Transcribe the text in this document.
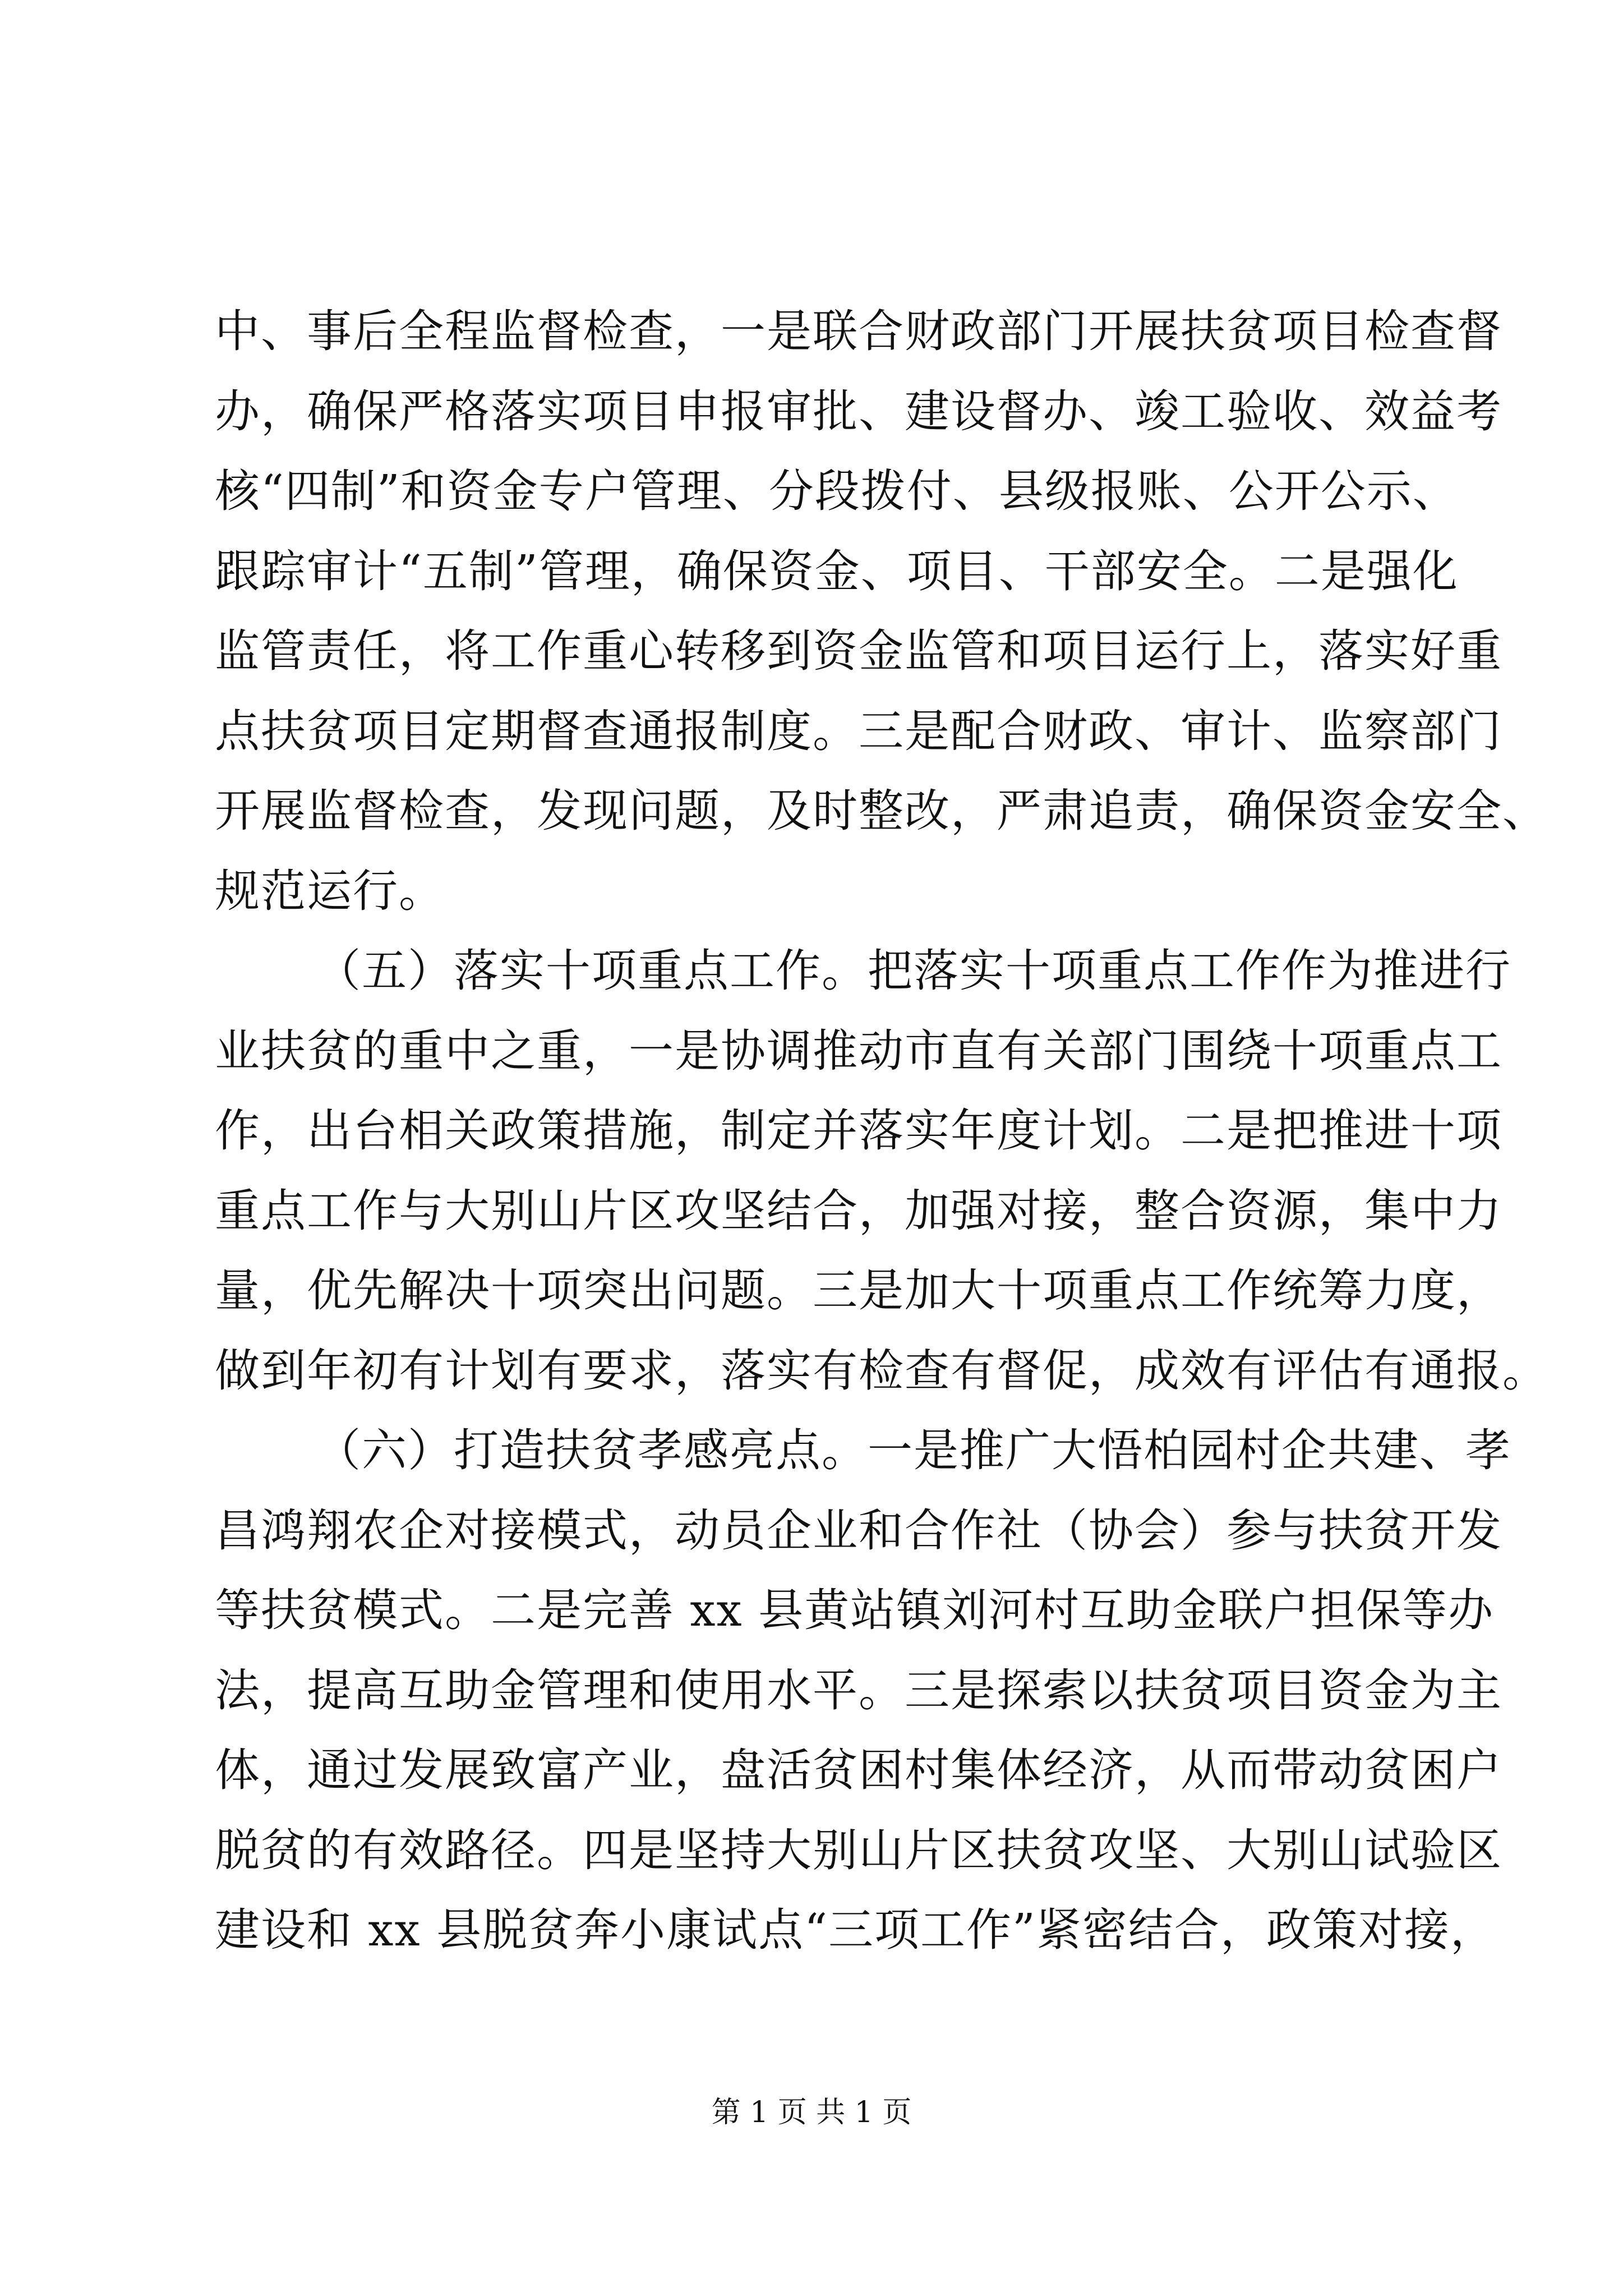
中、事后全程监督检查，一是联合财政部门开展扶贫项目检查督
办，确保严格落实项目申报审批、建设督办、竣工验收、效益考
核“四制”和资金专户管理、分段拨付、县级报账、公开公示、
跟踪审计“五制”管理，确保资金、项目、干部安全。二是强化
监管责任，将工作重心转移到资金监管和项目运行上，落实好重
点扶贫项目定期督查通报制度。三是配合财政、审计、监察部门
开展监督检查，发现问题，及时整改，严肃追责，确保资金安全、
规范运行。
（五）落实十项重点工作。把落实十项重点工作作为推进行
业扶贫的重中之重，一是协调推动市直有关部门围绕十项重点工
作，出台相关政策措施，制定并落实年度计划。二是把推进十项
重点工作与大别山片区攻坚结合，加强对接，整合资源，集中力
量，优先解决十项突出问题。三是加大十项重点工作统筹力度，
做到年初有计划有要求，落实有检查有督促，成效有评估有通报。
（六）打造扶贫孝感亮点。一是推广大悟柏园村企共建、孝
昌鸿翔农企对接模式，动员企业和合作社（协会）参与扶贫开发
等扶贫模式。二是完善 xx 县黄站镇刘河村互助金联户担保等办
法，提高互助金管理和使用水平。三是探索以扶贫项目资金为主
体，通过发展致富产业，盘活贫困村集体经济，从而带动贫困户
脱贫的有效路径。四是坚持大别山片区扶贫攻坚、大别山试验区
建设和 xx 县脱贫奔小康试点“三项工作”紧密结合，政策对接，
第 1 页 共 1 页
